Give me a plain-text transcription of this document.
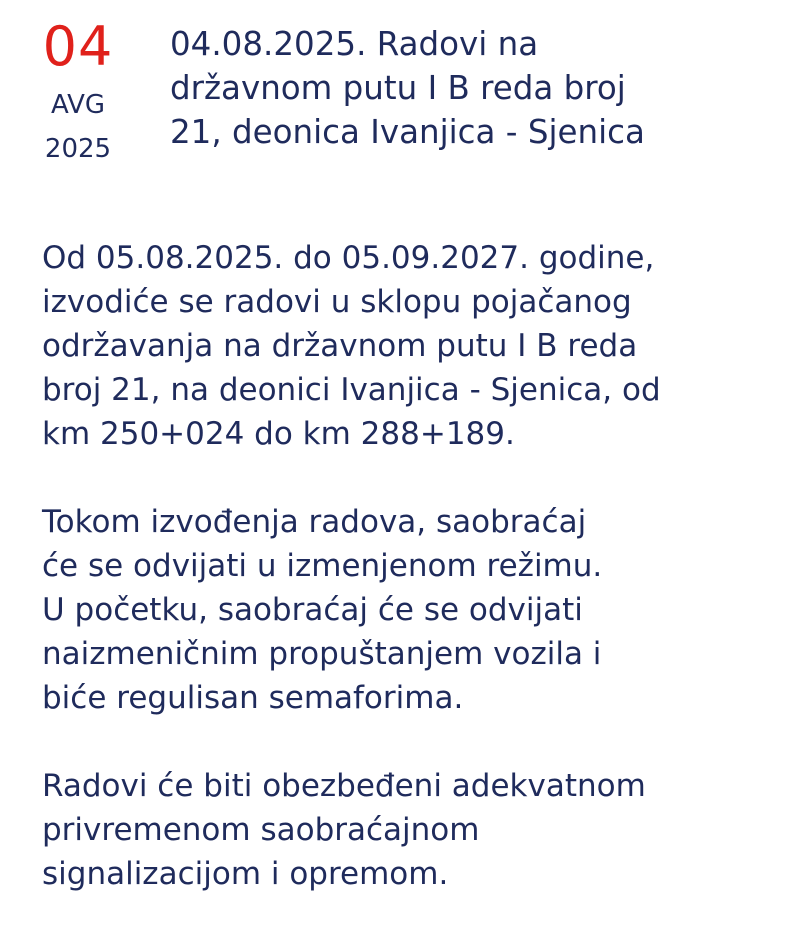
04
AVG
2025
04.08.2025. Radovi na
državnom putu I B reda broj
21, deonica Ivanjica - Sjenica

Od 05.08.2025. do 05.09.2027. godine,
izvodiće se radovi u sklopu pojačanog
održavanja na državnom putu I B reda
broj 21, na deonici Ivanjica - Sjenica, od
km 250+024 do km 288+189.

Tokom izvođenja radova, saobraćaj
će se odvijati u izmenjenom režimu.
U početku, saobraćaj će se odvijati
naizmeničnim propuštanjem vozila i
biće regulisan semaforima.

Radovi će biti obezbeđeni adekvatnom
privremenom saobraćajnom
signalizacijom i opremom.
